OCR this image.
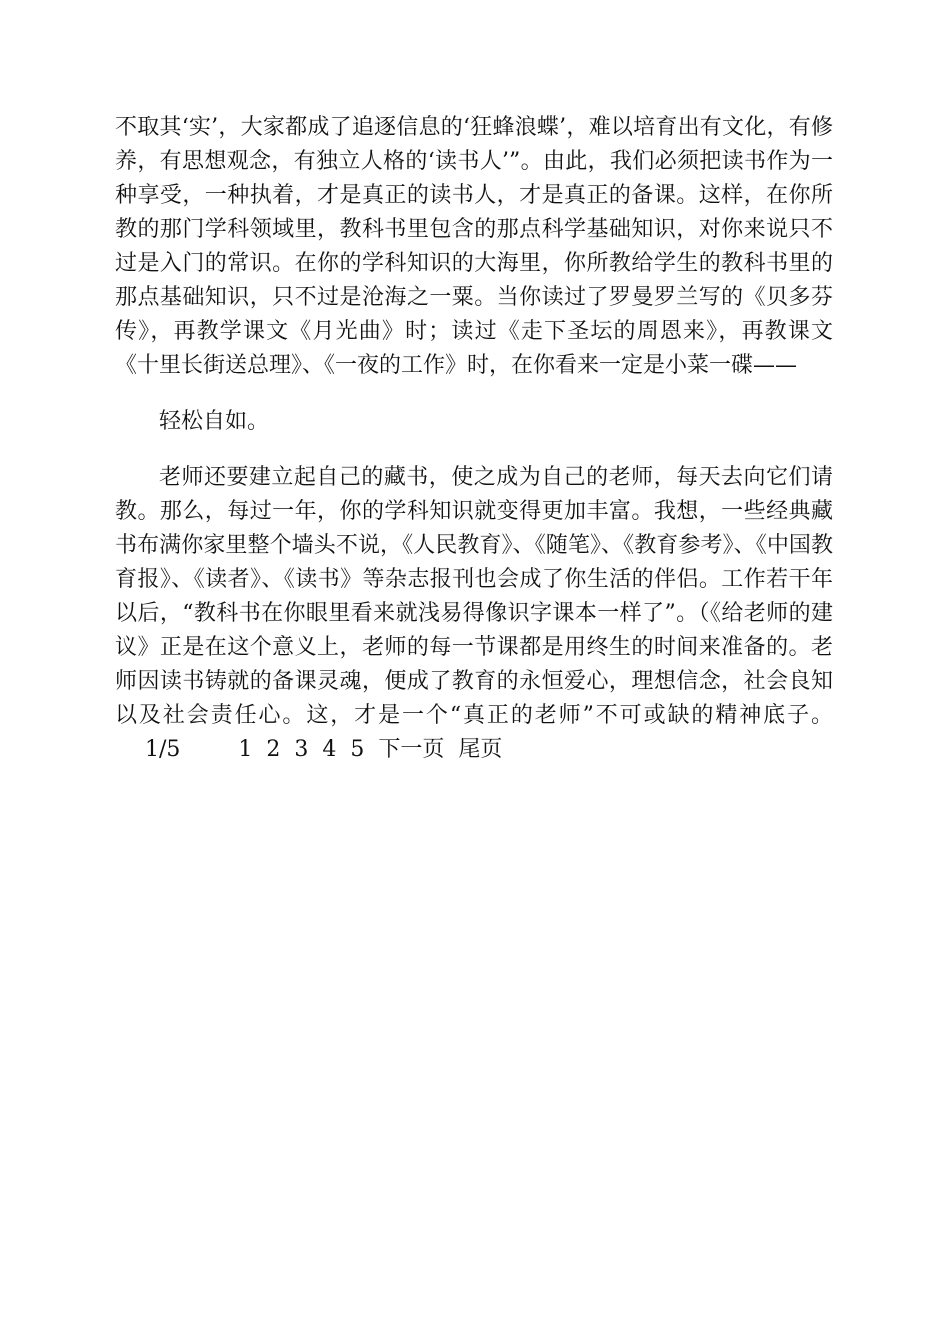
不取其‘实’，大家都成了追逐信息的‘狂蜂浪蝶’，难以培育出有文化，有修养，有思想观念，有独立人格的‘读书人’”。由此，我们必须把读书作为一种享受，一种执着，才是真正的读书人，才是真正的备课。这样，在你所教的那门学科领域里，教科书里包含的那点科学基础知识，对你来说只不过是入门的常识。在你的学科知识的大海里，你所教给学生的教科书里的那点基础知识，只不过是沧海之一粟。当你读过了罗曼罗兰写的《贝多芬传》，再教学课文《月光曲》时；读过《走下圣坛的周恩来》，再教课文《十里长街送总理》、《一夜的工作》时，在你看来一定是小菜一碟——

轻松自如。

老师还要建立起自己的藏书，使之成为自己的老师，每天去向它们请教。那么，每过一年，你的学科知识就变得更加丰富。我想，一些经典藏书布满你家里整个墙头不说，《人民教育》、《随笔》、《教育参考》、《中国教育报》、《读者》、《读书》等杂志报刊也会成了你生活的伴侣。工作若干年以后，“教科书在你眼里看来就浅易得像识字课本一样了”。（《给老师的建议》正是在这个意义上，老师的每一节课都是用终生的时间来准备的。老师因读书铸就的备课灵魂，便成了教育的永恒爱心，理想信念，社会良知以及社会责任心。这，才是一个“真正的老师”不可或缺的精神底子。1/5	1 2 3 4 5 下一页 尾页
